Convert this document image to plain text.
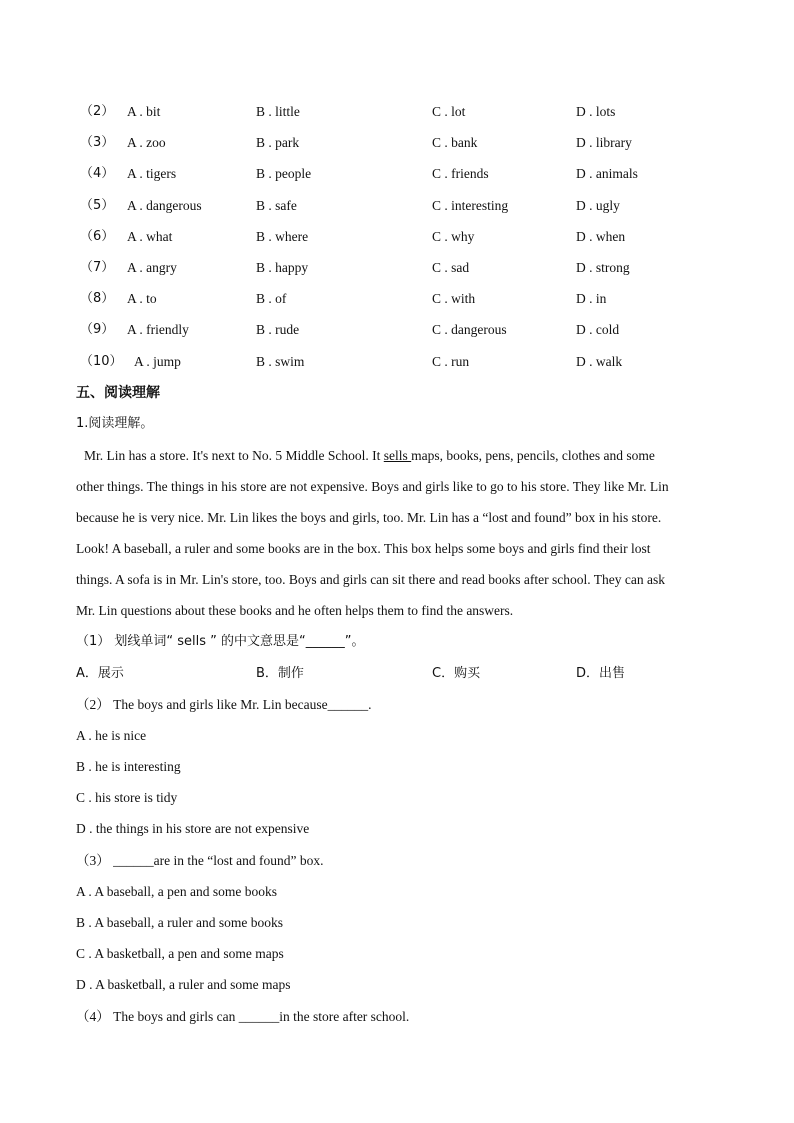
（2） A . bit	B . little	C . lot	D . lots
（3） A . zoo	B . park	C . bank	D . library
（4） A . tigers	B . people	C . friends	D . animals
（5） A . dangerous	B . safe	C . interesting	D . ugly
（6） A . what	B . where	C . why	D . when
（7） A . angry	B . happy	C . sad	D . strong
（8） A . to	B . of	C . with	D . in
（9） A . friendly	B . rude	C . dangerous	D . cold
（10） A . jump	B . swim	C . run	D . walk
五、阅读理解
1.阅读理解。
Mr. Lin has a store. It's next to No. 5 Middle School. It sells maps, books, pens, pencils, clothes and some
other things. The things in his store are not expensive. Boys and girls like to go to his store. They like Mr. Lin
because he is very nice. Mr. Lin likes the boys and girls, too. Mr. Lin has a “lost and found” box in his store.
Look! A baseball, a ruler and some books are in the box. This box helps some boys and girls find their lost
things. A sofa is in Mr. Lin's store, too. Boys and girls can sit there and read books after school. They can ask
Mr. Lin questions about these books and he often helps them to find the answers.
（1） 划线单词“ sells ” 的中文意思是“______”。
A．展示	B．制作	C．购买	D．出售
（2） The boys and girls like Mr. Lin because______.
A . he is nice
B . he is interesting
C . his store is tidy
D . the things in his store are not expensive
（3） ______are in the “lost and found” box.
A . A baseball, a pen and some books
B . A baseball, a ruler and some books
C . A basketball, a pen and some maps
D . A basketball, a ruler and some maps
（4） The boys and girls can ______in the store after school.
